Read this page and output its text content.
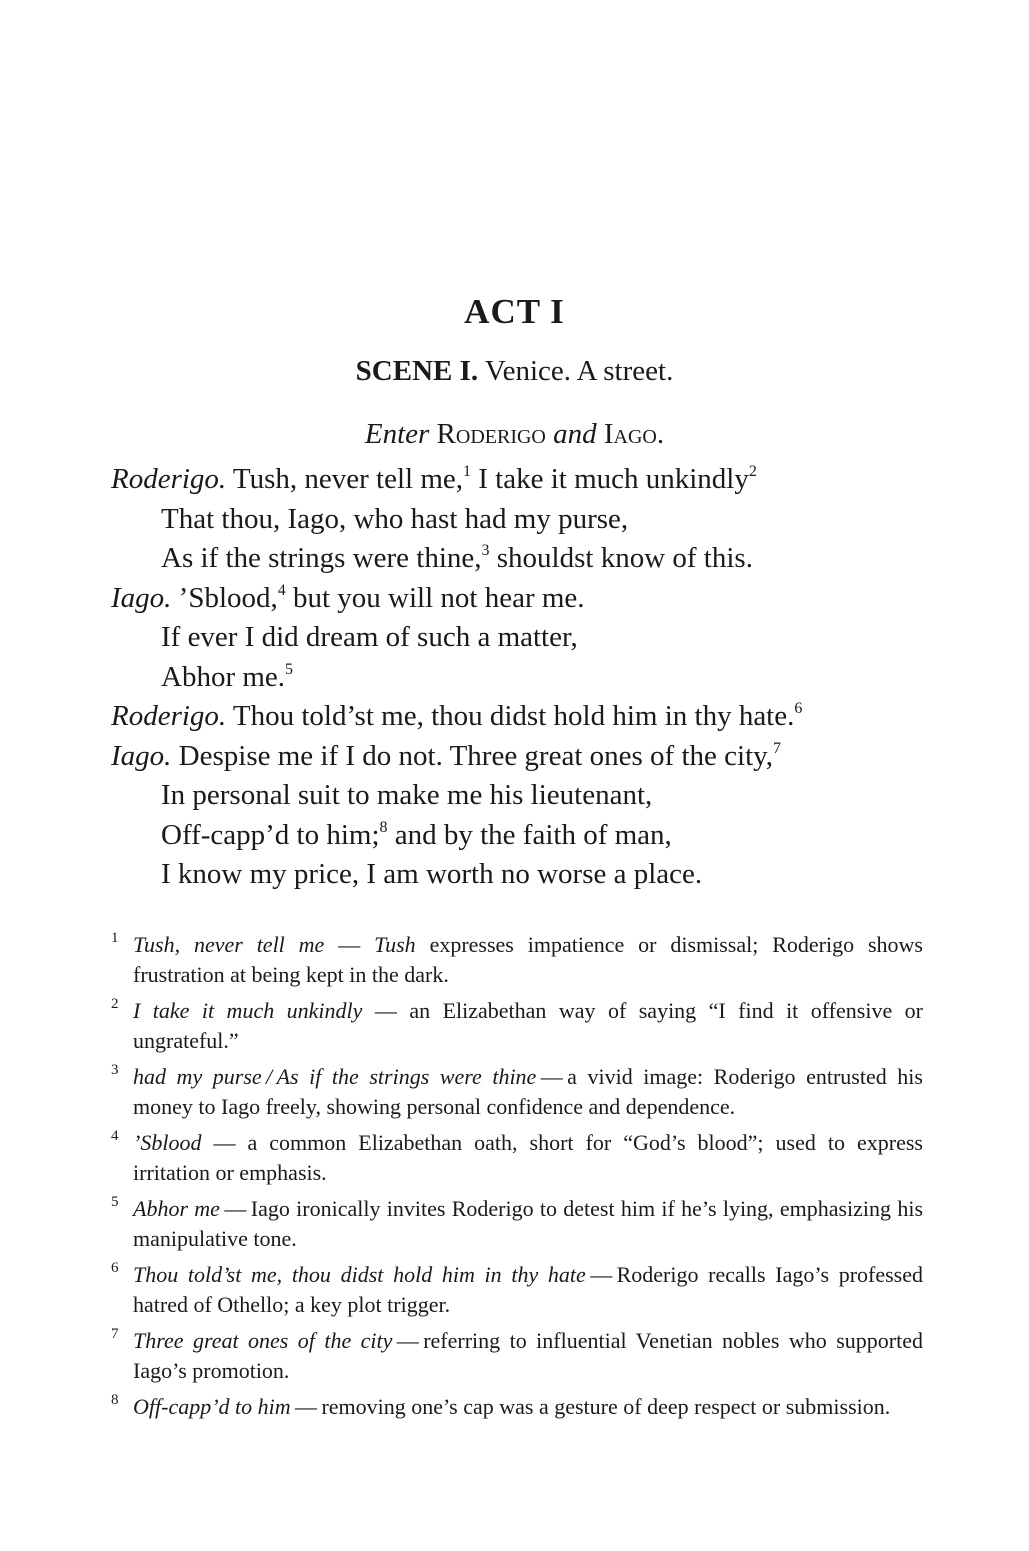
ACT I
SCENE I. Venice. A street.
Enter Roderigo and Iago.
Roderigo. Tush, never tell me,$^1$ I take it much unkindly$^2$
That thou, Iago, who hast had my purse,
As if the strings were thine,$^3$ shouldst know of this.
Iago. ’Sblood,$^4$ but you will not hear me.
If ever I did dream of such a matter,
Abhor me.$^5$
Roderigo. Thou told’st me, thou didst hold him in thy hate.$^6$
Iago. Despise me if I do not. Three great ones of the city,$^7$
In personal suit to make me his lieutenant,
Off-capp’d to him;$^8$ and by the faith of man,
I know my price, I am worth no worse a place.
1 Tush, never tell me — Tush expresses impatience or dismissal; Roderigo shows frustration at being kept in the dark.
2 I take it much unkindly — an Elizabethan way of saying “I find it offensive or ungrateful.”
3 had my purse / As if the strings were thine — a vivid image: Roderigo entrusted his money to Iago freely, showing personal confidence and dependence.
4 ’Sblood — a common Elizabethan oath, short for “God’s blood”; used to express irritation or emphasis.
5 Abhor me — Iago ironically invites Roderigo to detest him if he’s lying, emphasizing his manipulative tone.
6 Thou told’st me, thou didst hold him in thy hate — Roderigo recalls Iago’s professed hatred of Othello; a key plot trigger.
7 Three great ones of the city — referring to influential Venetian nobles who supported Iago’s promotion.
8 Off-capp’d to him — removing one’s cap was a gesture of deep respect or submission.
